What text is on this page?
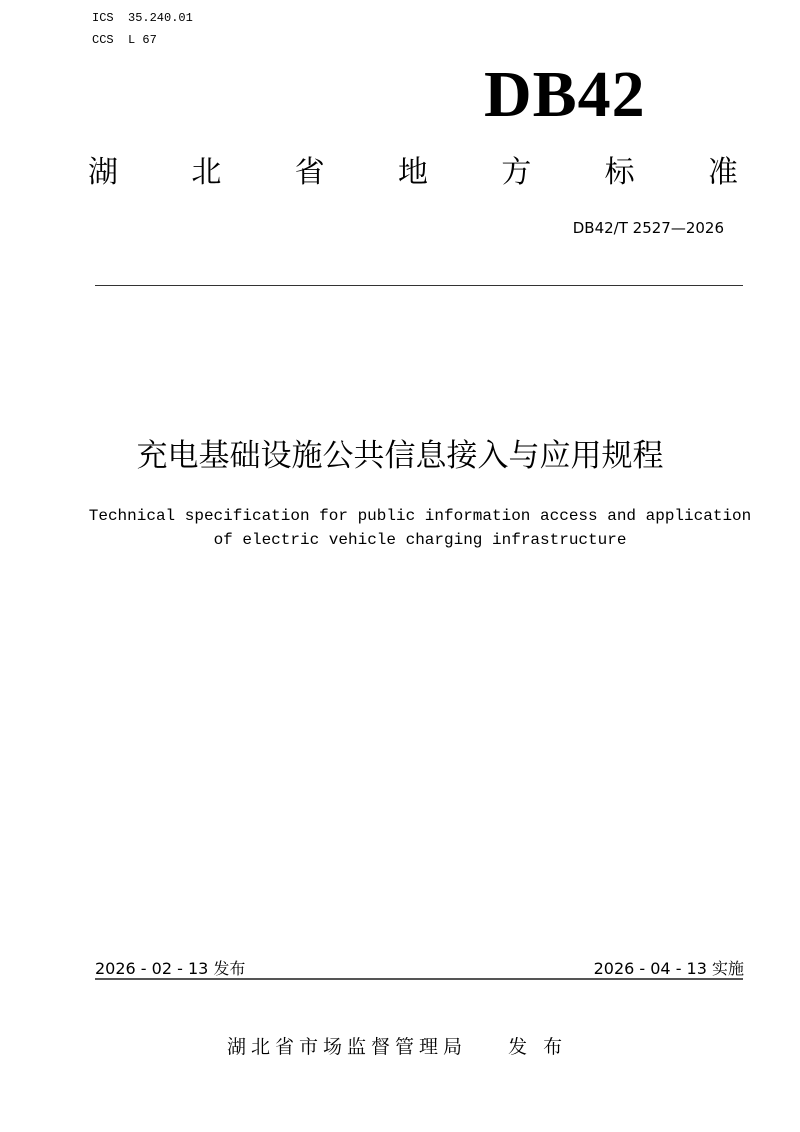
ICS  35.240.01
CCS  L 67
DB42
湖 北 省 地 方 标 准
DB42/T 2527—2026
充电基础设施公共信息接入与应用规程
Technical specification for public information access and application
of electric vehicle charging infrastructure
2026 - 02 - 13 发布	2026 - 04 - 13 实施
湖北省市场监督管理局 发 布
